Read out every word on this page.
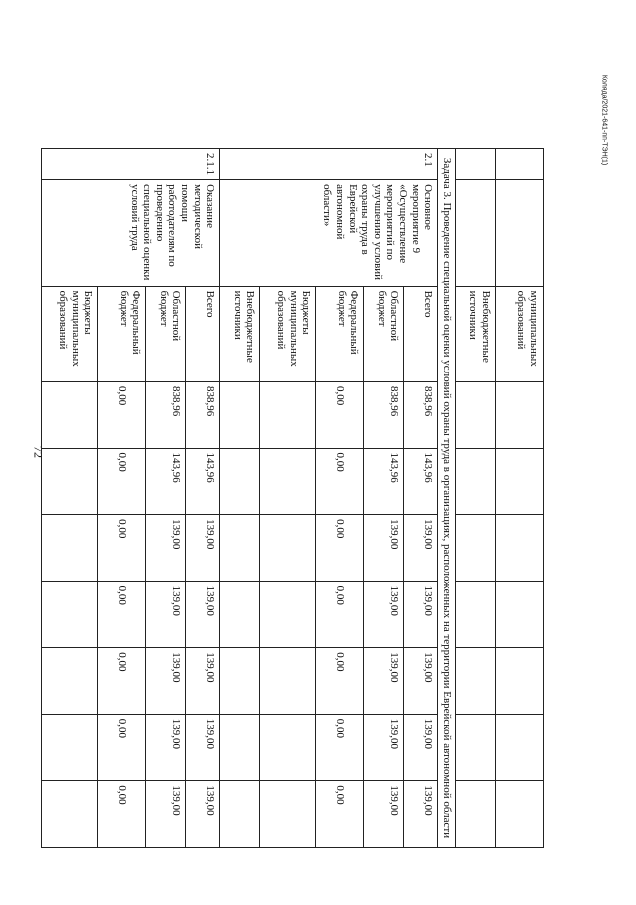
72
Коляда/2021-641-пп-ТЭН(1)
		муниципальных образований							
		Внебюджетные источники							
Задача 3. Проведение специальной оценки условий охраны труда в организациях, расположенных на территории Еврейской автономной области									
2.1	Основное мероприятие 9 «Осуществление мероприятий по улучшению условий охраны труда в Еврейской автономной области»	Всего	838,96	143,96	139,00	139,00	139,00	139,00	139,00
		Областной бюджет	838,96	143,96	139,00	139,00	139,00	139,00	139,00
		Федеральный бюджет	0,00	0,00	0,00	0,00	0,00	0,00	0,00
		Бюджеты муниципальных образований							
		Внебюджетные источники							
2.1.1	Оказание методической помощи работодателям по проведению специальной оценки условий труда	Всего	838,96	143,96	139,00	139,00	139,00	139,00	139,00
		Областной бюджет	838,96	143,96	139,00	139,00	139,00	139,00	139,00
		Федеральный бюджет	0,00	0,00	0,00	0,00	0,00	0,00	0,00
		Бюджеты муниципальных образований							
